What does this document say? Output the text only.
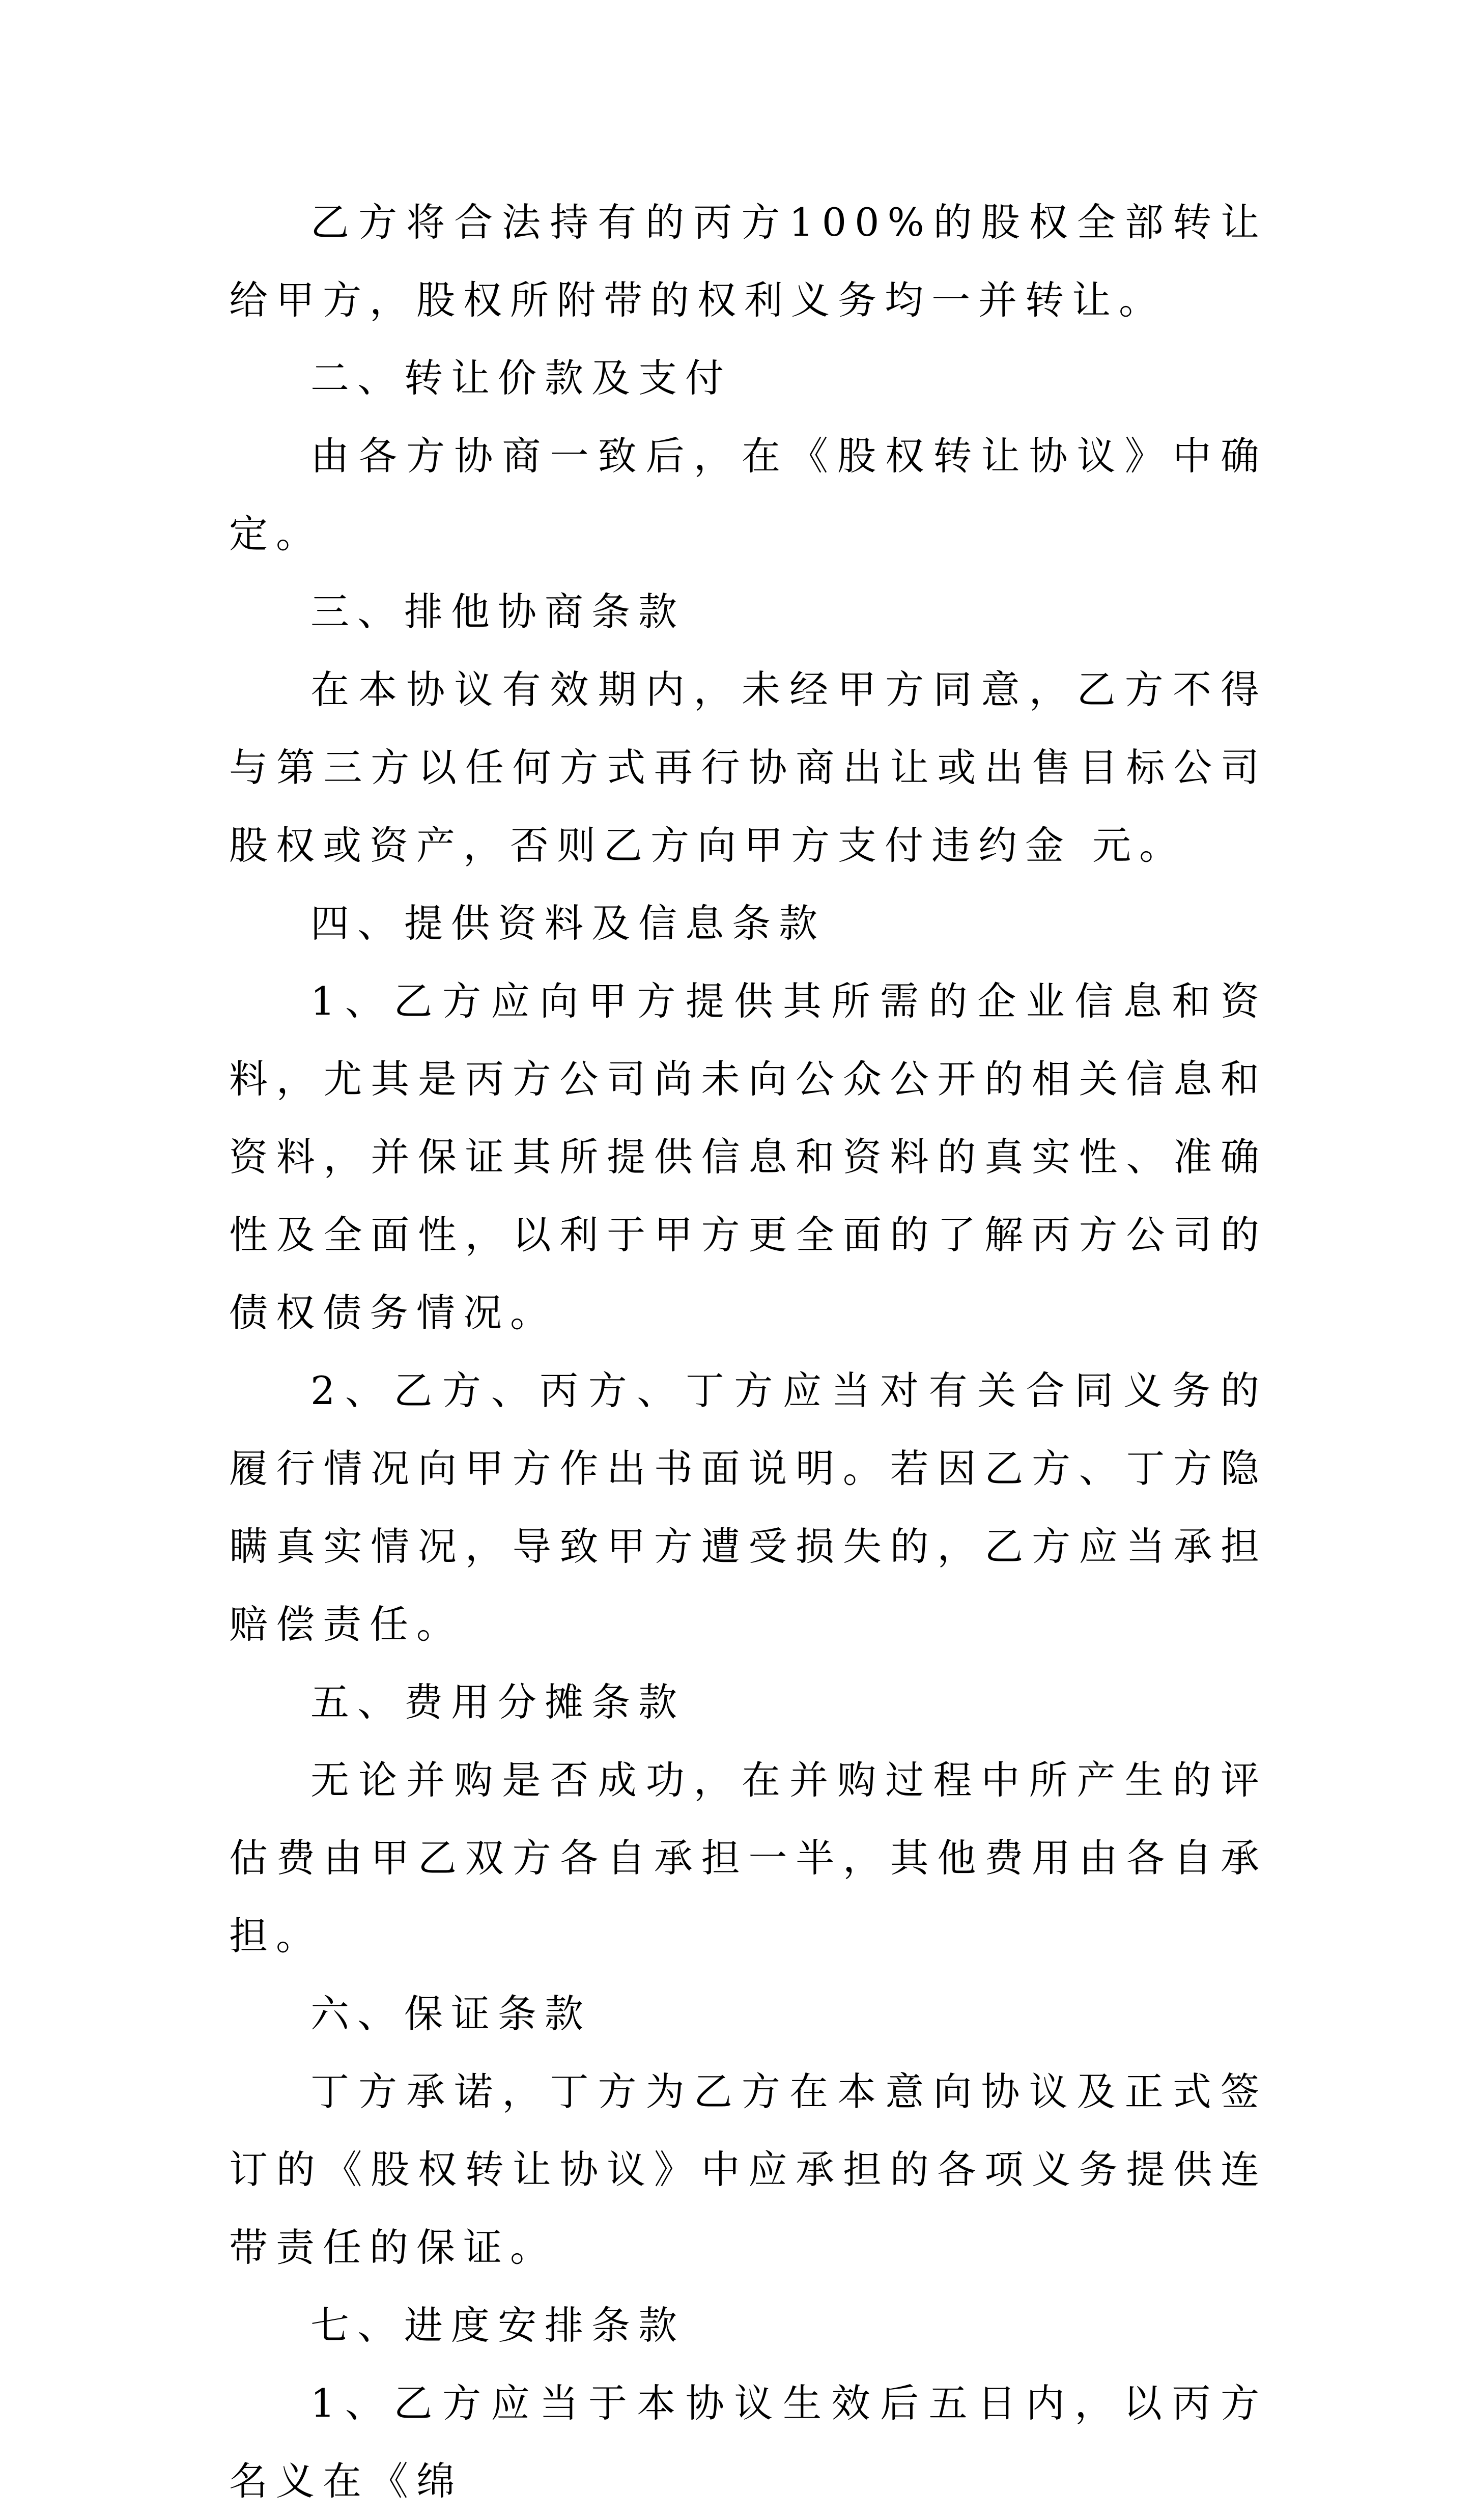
乙方将合法持有的丙方100%的股权全部转让给甲方，股权所附带的权利义务均一并转让。

二、转让价款及支付

由各方协商一致后，在《股权转让协议》中确定。

三、排他协商条款

在本协议有效期内，未经甲方同意，乙方不得与第三方以任何方式再行协商出让或出售目标公司股权或资产，否则乙方向甲方支付违约金 元。

四、提供资料及信息条款

1、乙方应向甲方提供其所需的企业信息和资料，尤其是丙方公司尚未向公众公开的相关信息和资料，并保证其所提供信息和资料的真实性、准确性及全面性，以利于甲方更全面的了解丙方公司的债权债务情况。

2、乙方、丙方、丁方应当对有关合同义务的履行情况向甲方作出书面说明。若因乙方、丁方隐瞒真实情况，导致甲方遭受损失的，乙方应当承担赔偿责任。

五、费用分摊条款

无论并购是否成功，在并购过程中所产生的评估费由甲乙双方各自承担一半，其他费用由各自承担。

六、保证条款

丁方承诺，丁方为乙方在本意向协议及正式签订的《股权转让协议》中应承担的各项义务提供连带责任的保证。

七、进度安排条款

1、乙方应当于本协议生效后五日内，以丙方名义在《绵
